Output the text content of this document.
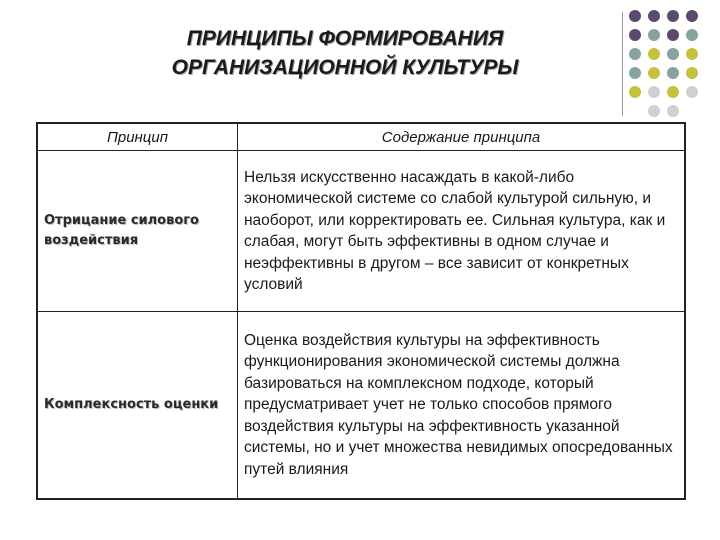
ПРИНЦИПЫ ФОРМИРОВАНИЯ
ОРГАНИЗАЦИОННОЙ КУЛЬТУРЫ
Принцип	Содержание принципа

Отрицание силового воздействия	Нельзя искусственно насаждать в какой-либо экономической системе со слабой культурой сильную, и наоборот, или корректировать ее. Сильная культура, как и слабая, могут быть эффективны в одном случае и неэффективны в другом – все зависит от конкретных условий

Комплексность оценки	Оценка воздействия культуры на эффективность функционирования экономической системы должна базироваться на комплексном подходе, который предусматривает учет не только способов прямого воздействия культуры на эффективность указанной системы, но и учет множества невидимых опосредованных путей влияния
